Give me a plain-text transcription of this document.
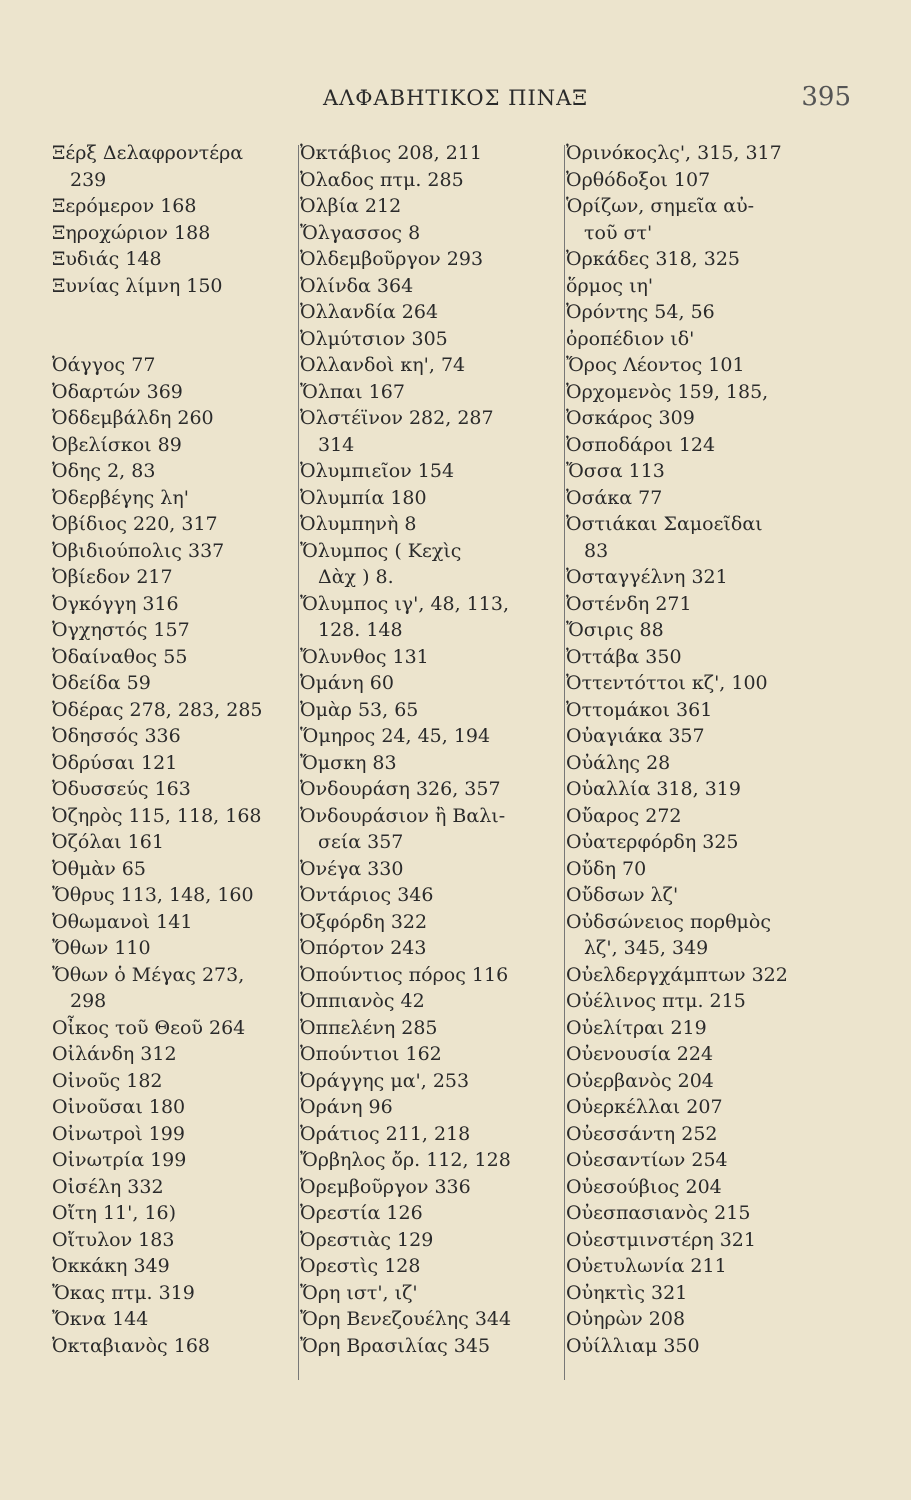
ΑΛΦΑΒΗΤΙΚΟΣ ΠΙΝΑΞ	395
Ξέρξ Δελαφροντέρα
239
Ξερόμερον 168
Ξηροχώριον 188
Ξυδιάς 148
Ξυνίας λίμνη 150
Ὀάγγος 77
Ὀδαρτών 369
Ὀδδεμβάλδη 260
Ὀβελίσκοι 89
Ὀδης 2, 83
Ὀδερβέγης λη'
Ὀβίδιος 220, 317
Ὀβιδιούπολις 337
Ὀβίεδον 217
Ὀγκόγγη 316
Ὀγχηστός 157
Ὀδαίναθος 55
Ὀδείδα 59
Ὀδέρας 278, 283, 285
Ὀδησσός 336
Ὀδρύσαι 121
Ὀδυσσεύς 163
Ὀζηρὸς 115, 118, 168
Ὀζόλαι 161
Ὀθμὰν 65
Ὄθρυς 113, 148, 160
Ὀθωμανοὶ 141
Ὄθων 110
Ὄθων ὁ Μέγας 273,
298
Οἶκος τοῦ Θεοῦ 264
Οἰλάνδη 312
Οἰνοῦς 182
Οἰνοῦσαι 180
Οἰνωτροὶ 199
Οἰνωτρία 199
Οἰσέλη 332
Οἴτη 11', 16)
Οἴτυλον 183
Ὀκκάκη 349
Ὄκας πτμ. 319
Ὄκνα 144
Ὀκταβιανὸς 168
Ὀκτάβιος 208, 211
Ὀλαδος πτμ. 285
Ὀλβία 212
Ὄλγασσος 8
Ὀλδεμβοῦργον 293
Ὀλίνδα 364
Ὀλλανδία 264
Ὀλμύτσιον 305
Ὀλλανδοὶ κη', 74
Ὄλπαι 167
Ὀλστέϊνον 282, 287
314
Ὀλυμπιεῖον 154
Ὀλυμπία 180
Ὀλυμπηνὴ 8
Ὄλυμπος ( Κεχὶς
Δὰχ ) 8.
Ὄλυμπος ιγ', 48, 113,
128. 148
Ὄλυνθος 131
Ὀμάνη 60
Ὀμὰρ 53, 65
Ὅμηρος 24, 45, 194
Ὄμσκη 83
Ὀνδουράση 326, 357
Ὀνδουράσιον ἢ Βαλι-
σεία 357
Ὀνέγα 330
Ὀντάριος 346
Ὀξφόρδη 322
Ὀπόρτον 243
Ὀπούντιος πόρος 116
Ὀππιανὸς 42
Ὀππελένη 285
Ὀπούντιοι 162
Ὀράγγης μα', 253
Ὀράνη 96
Ὀράτιος 211, 218
Ὄρβηλος ὄρ. 112, 128
Ὀρεμβοῦργον 336
Ὀρεστία 126
Ὀρεστιὰς 129
Ὀρεστὶς 128
Ὄρη ιστ', ιζ'
Ὄρη Βενεζουέλης 344
Ὄρη Βρασιλίας 345
Ὀρινόκοςλς', 315, 317
Ὀρθόδοξοι 107
Ὁρίζων, σημεῖα αὐ-
τοῦ στ'
Ὀρκάδες 318, 325
ὅρμος ιη'
Ὀρόντης 54, 56
ὀροπέδιον ιδ'
Ὄρος Λέοντος 101
Ὀρχομενὸς 159, 185,
Ὀσκάρος 309
Ὀσποδάροι 124
Ὄσσα 113
Ὀσάκα 77
Ὀστιάκαι Σαμοεῖδαι
83
Ὀσταγγέλνη 321
Ὀστένδη 271
Ὄσιρις 88
Ὀττάβα 350
Ὀττεντόττοι κζ', 100
Ὀττομάκοι 361
Οὐαγιάκα 357
Οὐάλης 28
Οὐαλλία 318, 319
Οὔαρος 272
Οὐατερφόρδη 325
Οὔδη 70
Οὔδσων λζ'
Οὐδσώνειος πορθμὸς
λζ', 345, 349
Οὐελδεργχάμπτων 322
Οὐέλινος πτμ. 215
Οὐελίτραι 219
Οὐενουσία 224
Οὐερβανὸς 204
Οὐερκέλλαι 207
Οὐεσσάντη 252
Οὐεσαντίων 254
Οὐεσούβιος 204
Οὐεσπασιανὸς 215
Οὐεστμινστέρη 321
Οὐετυλωνία 211
Οὐηκτὶς 321
Οὐηρὼν 208
Οὐίλλιαμ 350
